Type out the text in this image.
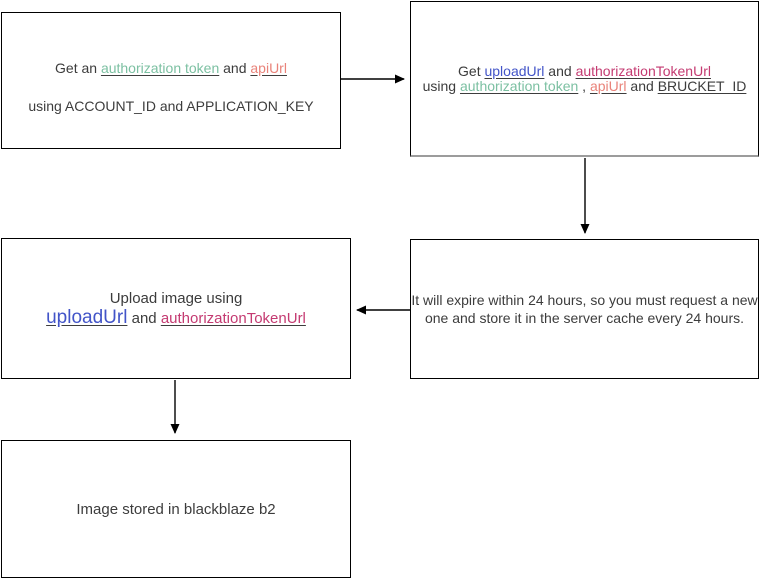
Get an authorization token and apiUrl
using ACCOUNT_ID and APPLICATION_KEY
Get uploadUrl and authorizationTokenUrl
using authorization token , apiUrl and BRUCKET_ID
It will expire within 24 hours, so you must request a new
one and store it in the server cache every 24 hours.
Upload image using
uploadUrl and authorizationTokenUrl
Image stored in blackblaze b2
